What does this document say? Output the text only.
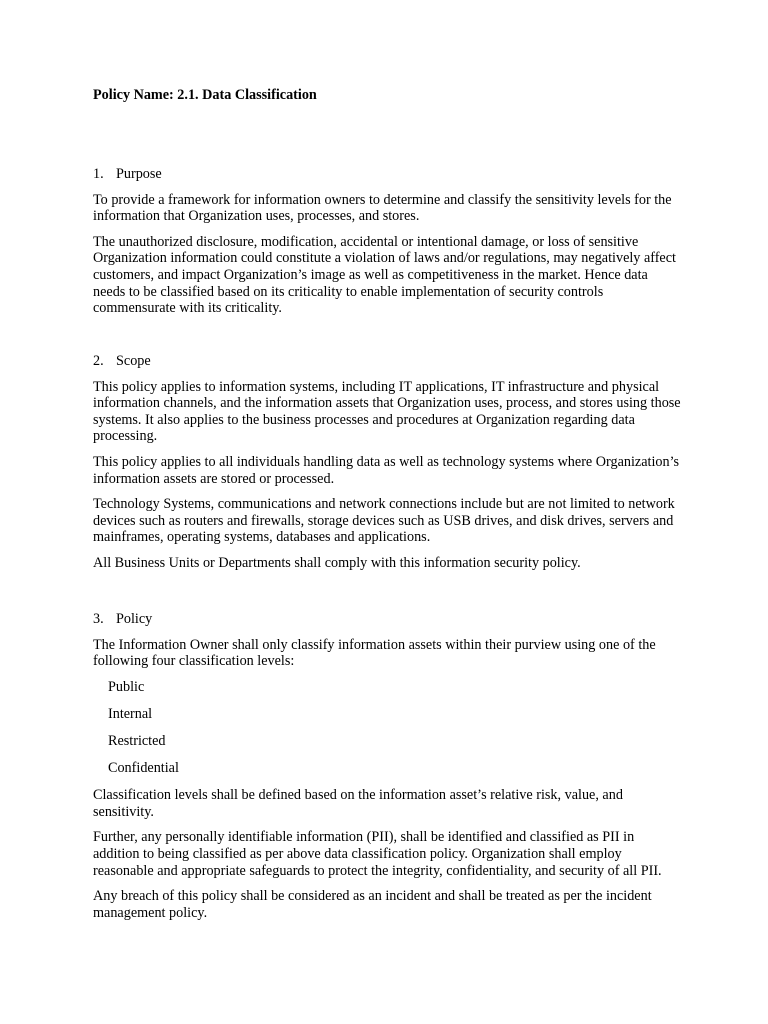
Policy Name: 2.1. Data Classification
1. Purpose

To provide a framework for information owners to determine and classify the sensitivity levels for the information that Organization uses, processes, and stores.

The unauthorized disclosure, modification, accidental or intentional damage, or loss of sensitive Organization information could constitute a violation of laws and/or regulations, may negatively affect customers, and impact Organization’s image as well as competitiveness in the market. Hence data needs to be classified based on its criticality to enable implementation of security controls commensurate with its criticality.

2. Scope

This policy applies to information systems, including IT applications, IT infrastructure and physical information channels, and the information assets that Organization uses, process, and stores using those systems. It also applies to the business processes and procedures at Organization regarding data processing.

This policy applies to all individuals handling data as well as technology systems where Organization’s information assets are stored or processed.

Technology Systems, communications and network connections include but are not limited to network devices such as routers and firewalls, storage devices such as USB drives, and disk drives, servers and mainframes, operating systems, databases and applications.

All Business Units or Departments shall comply with this information security policy.

3. Policy

The Information Owner shall only classify information assets within their purview using one of the following four classification levels:

Public
Internal
Restricted
Confidential

Classification levels shall be defined based on the information asset’s relative risk, value, and sensitivity.

Further, any personally identifiable information (PII), shall be identified and classified as PII in addition to being classified as per above data classification policy. Organization shall employ reasonable and appropriate safeguards to protect the integrity, confidentiality, and security of all PII.

Any breach of this policy shall be considered as an incident and shall be treated as per the incident management policy.
